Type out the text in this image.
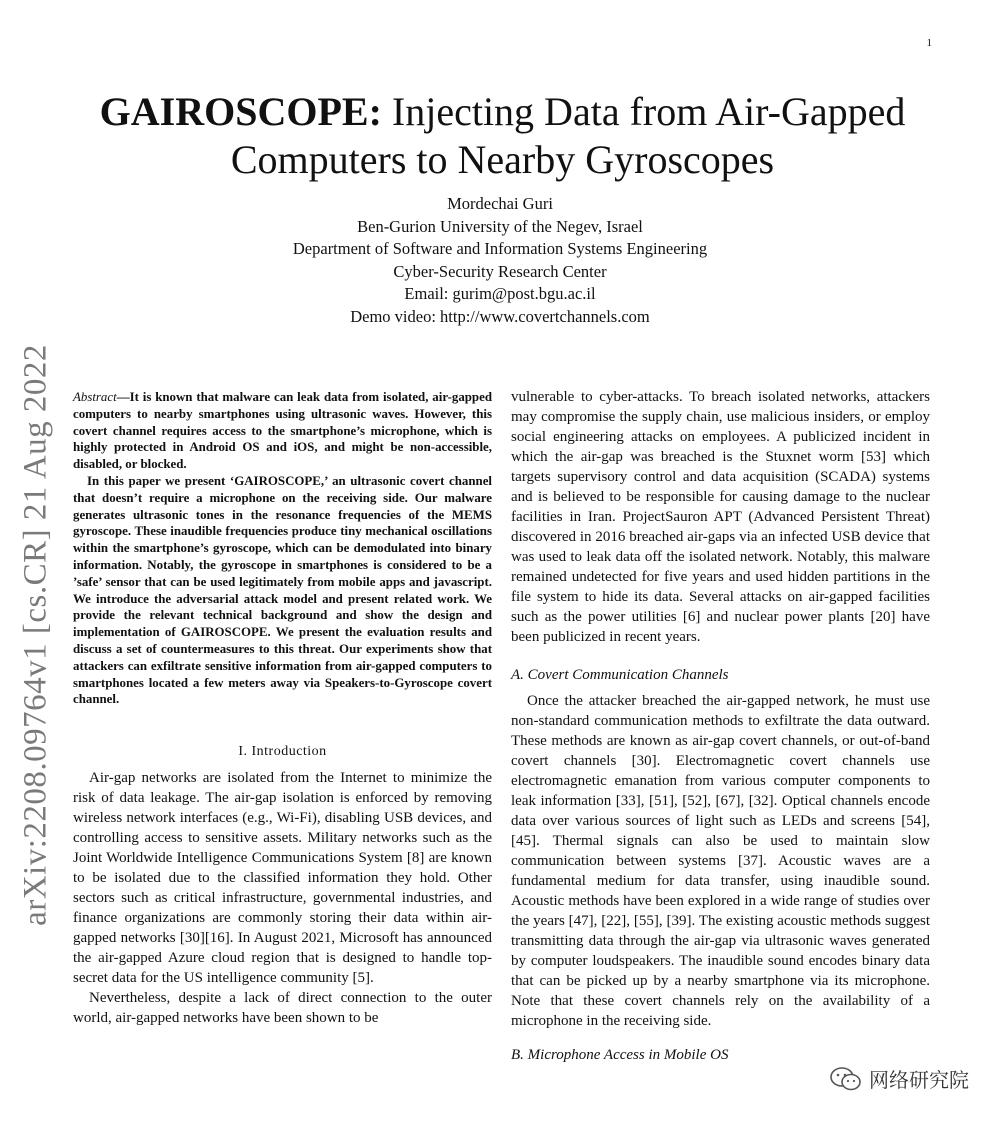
1
arXiv:2208.09764v1 [cs.CR] 21 Aug 2022
GAIROSCOPE: Injecting Data from Air-Gapped Computers to Nearby Gyroscopes
Mordechai Guri
Ben-Gurion University of the Negev, Israel
Department of Software and Information Systems Engineering
Cyber-Security Research Center
Email: gurim@post.bgu.ac.il
Demo video: http://www.covertchannels.com

Abstract—It is known that malware can leak data from isolated, air-gapped computers to nearby smartphones using ultrasonic waves. However, this covert channel requires access to the smartphone’s microphone, which is highly protected in Android OS and iOS, and might be non-accessible, disabled, or blocked.

In this paper we present ‘GAIROSCOPE,’ an ultrasonic covert channel that doesn’t require a microphone on the receiving side. Our malware generates ultrasonic tones in the resonance frequencies of the MEMS gyroscope. These inaudible frequencies produce tiny mechanical oscillations within the smartphone’s gyroscope, which can be demodulated into binary information. Notably, the gyroscope in smartphones is considered to be a ’safe’ sensor that can be used legitimately from mobile apps and javascript. We introduce the adversarial attack model and present related work. We provide the relevant technical background and show the design and implementation of GAIROSCOPE. We present the evaluation results and discuss a set of countermeasures to this threat. Our experiments show that attackers can exfiltrate sensitive information from air-gapped computers to smartphones located a few meters away via Speakers-to-Gyroscope covert channel.

I. Introduction

Air-gap networks are isolated from the Internet to minimize the risk of data leakage. The air-gap isolation is enforced by removing wireless network interfaces (e.g., Wi-Fi), disabling USB devices, and controlling access to sensitive assets. Military networks such as the Joint Worldwide Intelligence Communications System [8] are known to be isolated due to the classified information they hold. Other sectors such as critical infrastructure, governmental industries, and finance organizations are commonly storing their data within air-gapped networks [30][16]. In August 2021, Microsoft has announced the air-gapped Azure cloud region that is designed to handle top-secret data for the US intelligence community [5].

Nevertheless, despite a lack of direct connection to the outer world, air-gapped networks have been shown to be

vulnerable to cyber-attacks. To breach isolated networks, attackers may compromise the supply chain, use malicious insiders, or employ social engineering attacks on employees. A publicized incident in which the air-gap was breached is the Stuxnet worm [53] which targets supervisory control and data acquisition (SCADA) systems and is believed to be responsible for causing damage to the nuclear facilities in Iran. ProjectSauron APT (Advanced Persistent Threat) discovered in 2016 breached air-gaps via an infected USB device that was used to leak data off the isolated network. Notably, this malware remained undetected for five years and used hidden partitions in the file system to hide its data. Several attacks on air-gapped facilities such as the power utilities [6] and nuclear power plants [20] have been publicized in recent years.

A. Covert Communication Channels

Once the attacker breached the air-gapped network, he must use non-standard communication methods to exfiltrate the data outward. These methods are known as air-gap covert channels, or out-of-band covert channels [30]. Electromagnetic covert channels use electromagnetic emanation from various computer components to leak information [33], [51], [52], [67], [32]. Optical channels encode data over various sources of light such as LEDs and screens [54], [45]. Thermal signals can also be used to maintain slow communication between systems [37]. Acoustic waves are a fundamental medium for data transfer, using inaudible sound. Acoustic methods have been explored in a wide range of studies over the years [47], [22], [55], [39]. The existing acoustic methods suggest transmitting data through the air-gap via ultrasonic waves generated by computer loudspeakers. The inaudible sound encodes binary data that can be picked up by a nearby smartphone via its microphone. Note that these covert channels rely on the availability of a microphone in the receiving side.

B. Microphone Access in Mobile OS
网络研究院
